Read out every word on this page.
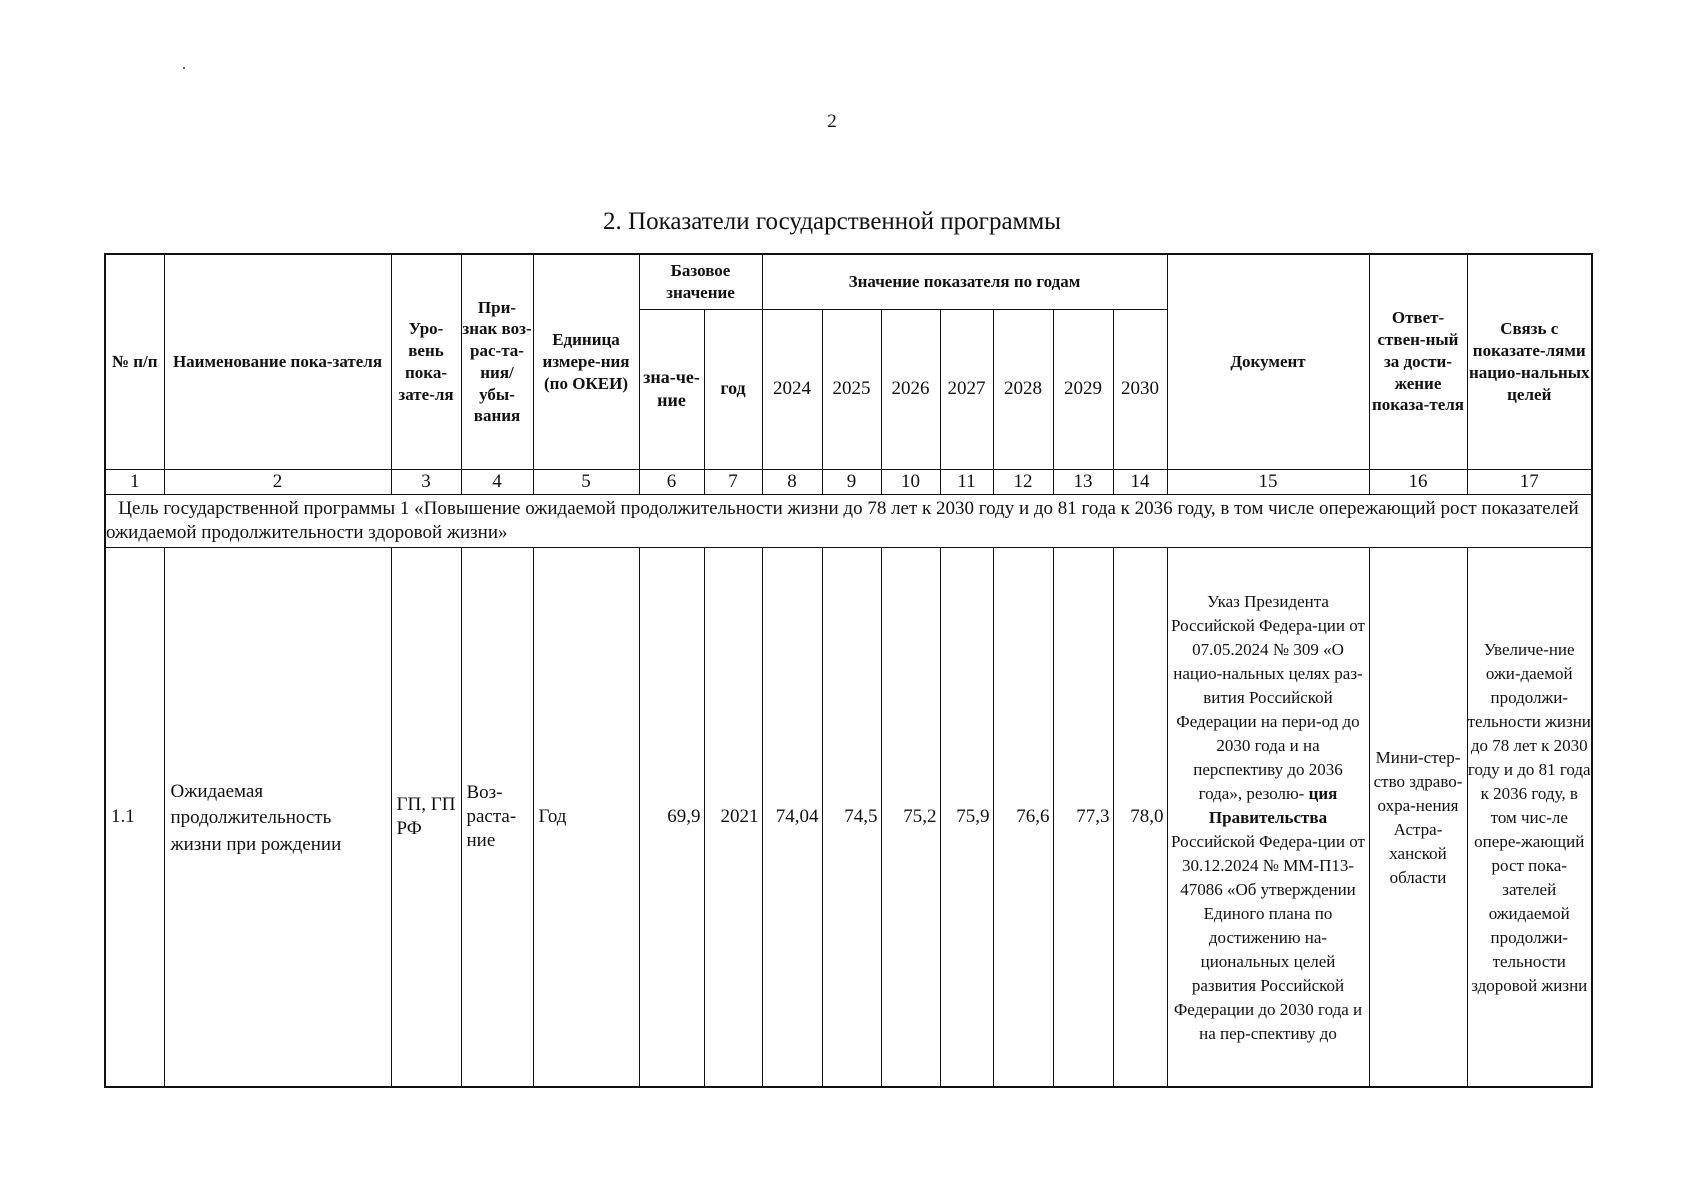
2
2. Показатели государственной программы
№ п/п	Наименование пока-зателя	Уро-вень пока-зате-ля	При-знак воз-рас-та-ния/ убы-вания	Единица измере-ния (по ОКЕИ)	Базовое значение		Значение показателя по годам							Документ	Ответ-ствен-ный за дости-жение показа-теля	Связь с показате-лями нацио-нальных целей
					зна-че-ние	год	2024	2025	2026	2027	2028	2029	2030			
1	2	3	4	5	6	7	8	9	10	11	12	13	14	15	16	17
Цель государственной программы 1 «Повышение ожидаемой продолжительности жизни до 78 лет к 2030 году и до 81 года к 2036 году, в том числе опережающий рост показателей ожидаемой продолжительности здоровой жизни»																
1.1	Ожидаемая продолжительность жизни при рождении	ГП, ГП РФ	Воз-раста-ние	Год	69,9	2021	74,04	74,5	75,2	75,9	76,6	77,3	78,0	Указ Президента Российской Федера-ции от 07.05.2024 № 309 «О нацио-нальных целях раз-вития Российской Федерации на пери-од до 2030 года и на перспективу до 2036 года», резолю- ция Правительства Российской Федера-ции от 30.12.2024 № ММ-П13-47086 «Об утверждении Единого плана по достижению на-циональных целей развития Российской Федерации до 2030 года и на пер-спективу до	Мини-стер-ство здраво-охра-нения Астра-ханской области	Увеличе-ние ожи-даемой продолжи-тельности жизни до 78 лет к 2030 году и до 81 года к 2036 году, в том чис-ле опере-жающий рост пока-зателей ожидаемой продолжи-тельности здоровой жизни
